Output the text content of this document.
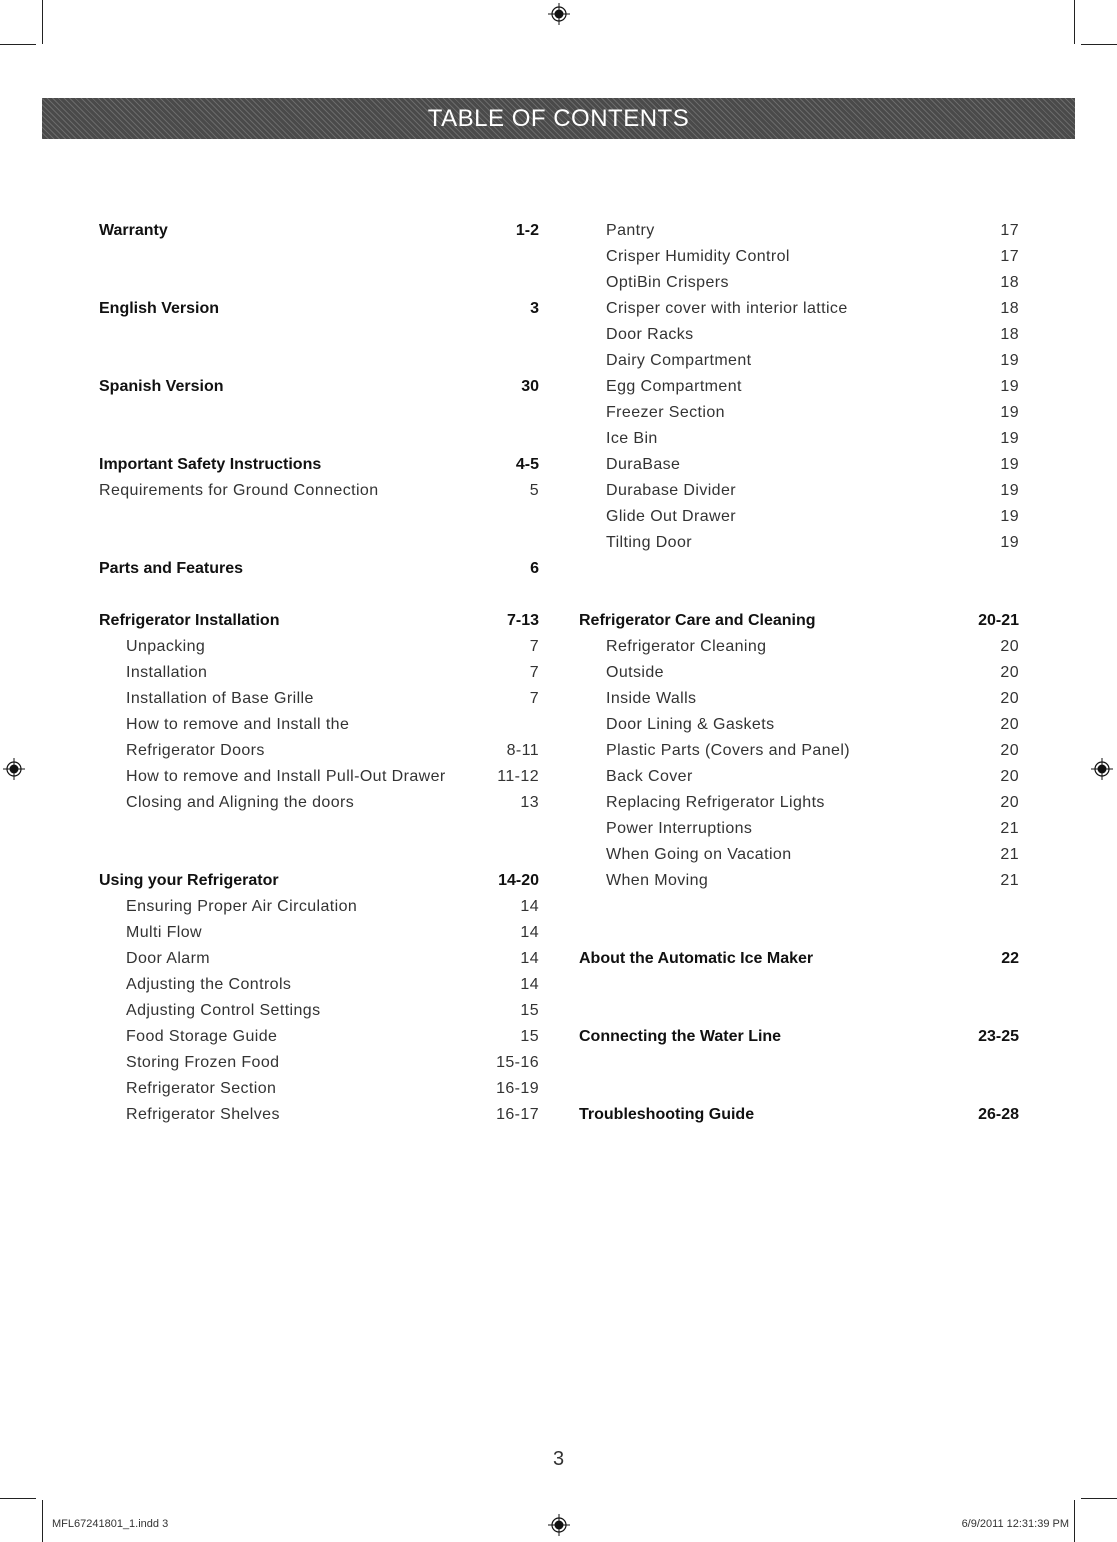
TABLE OF CONTENTS
Warranty	1-2
English Version	3
Spanish Version	30
Important Safety Instructions	4-5
Requirements for Ground Connection	5
Parts and Features	6
Refrigerator Installation	7-13
Unpacking	7
Installation	7
Installation of Base Grille	7
How to remove and Install the
Refrigerator Doors	8-11
How to remove and Install Pull-Out Drawer	11-12
Closing and Aligning the doors	13
Using your Refrigerator	14-20
Ensuring Proper Air Circulation	14
Multi Flow	14
Door Alarm	14
Adjusting the Controls	14
Adjusting Control Settings	15
Food Storage Guide	15
Storing Frozen Food	15-16
Refrigerator Section	16-19
Refrigerator Shelves	16-17
Pantry	17
Crisper Humidity Control	17
OptiBin Crispers	18
Crisper cover with interior lattice	18
Door Racks	18
Dairy Compartment	19
Egg Compartment	19
Freezer Section	19
Ice Bin	19
DuraBase	19
Durabase Divider	19
Glide Out Drawer	19
Tilting Door	19
Refrigerator Care and Cleaning	20-21
Refrigerator Cleaning	20
Outside	20
Inside Walls	20
Door Lining & Gaskets	20
Plastic Parts (Covers and Panel)	20
Back Cover	20
Replacing Refrigerator Lights	20
Power Interruptions	21
When Going on Vacation	21
When Moving	21
About the Automatic Ice Maker	22
Connecting the Water Line	23-25
Troubleshooting Guide	26-28
3
MFL67241801_1.indd 3	6/9/2011 12:31:39 PM
